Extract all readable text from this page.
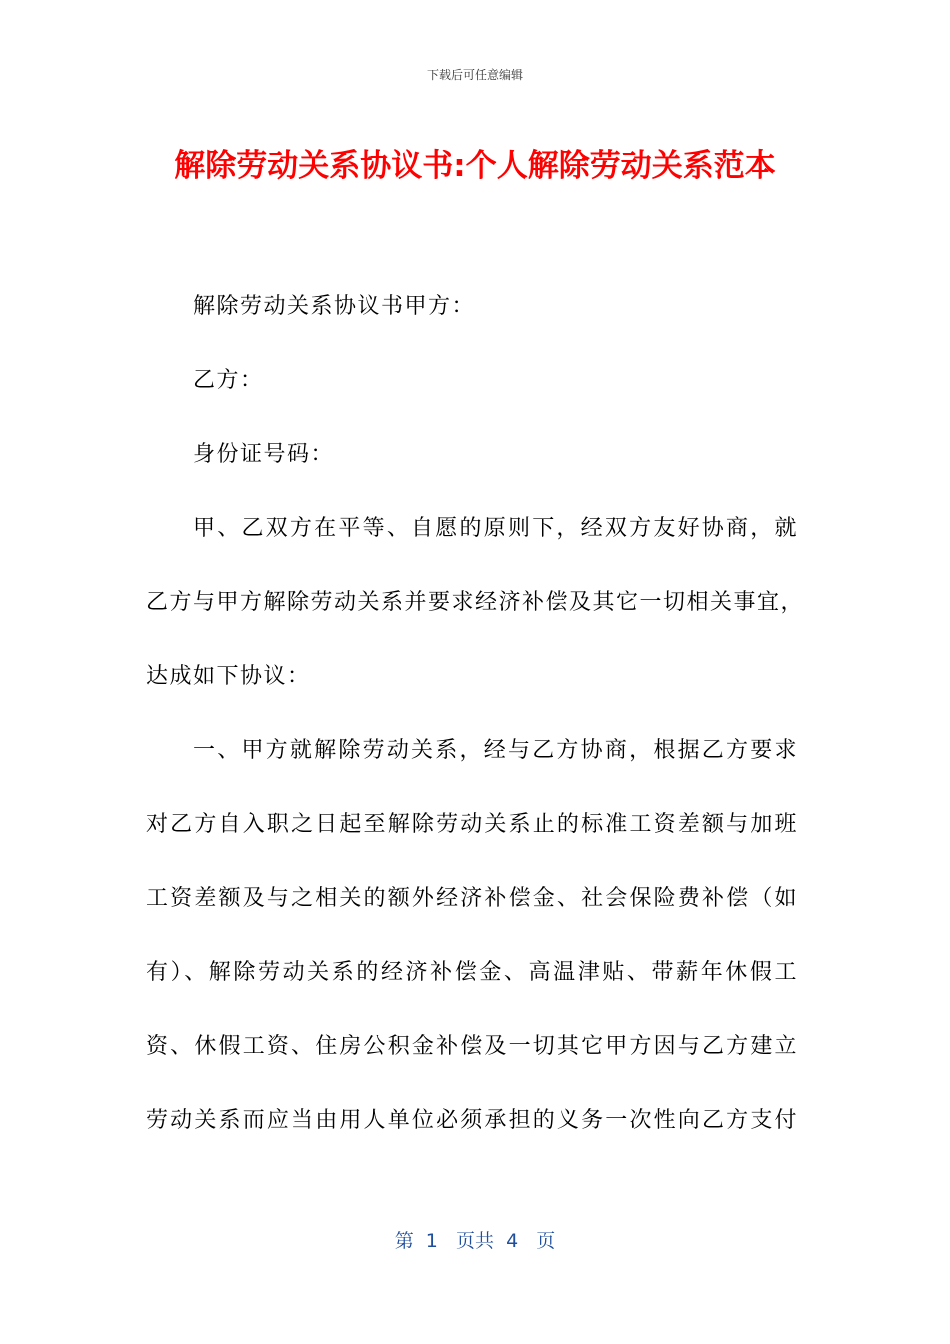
下载后可任意编辑
解除劳动关系协议书:个人解除劳动关系范本
解除劳动关系协议书甲方：
乙方：
身份证号码：
甲、乙双方在平等、自愿的原则下，经双方友好协商，就
乙方与甲方解除劳动关系并要求经济补偿及其它一切相关事宜，
达成如下协议：
一、甲方就解除劳动关系，经与乙方协商，根据乙方要求
对乙方自入职之日起至解除劳动关系止的标准工资差额与加班
工资差额及与之相关的额外经济补偿金、社会保险费补偿（如
有）、解除劳动关系的经济补偿金、高温津贴、带薪年休假工
资、休假工资、住房公积金补偿及一切其它甲方因与乙方建立
劳动关系而应当由用人单位必须承担的义务一次性向乙方支付
第  1   页共  4   页
